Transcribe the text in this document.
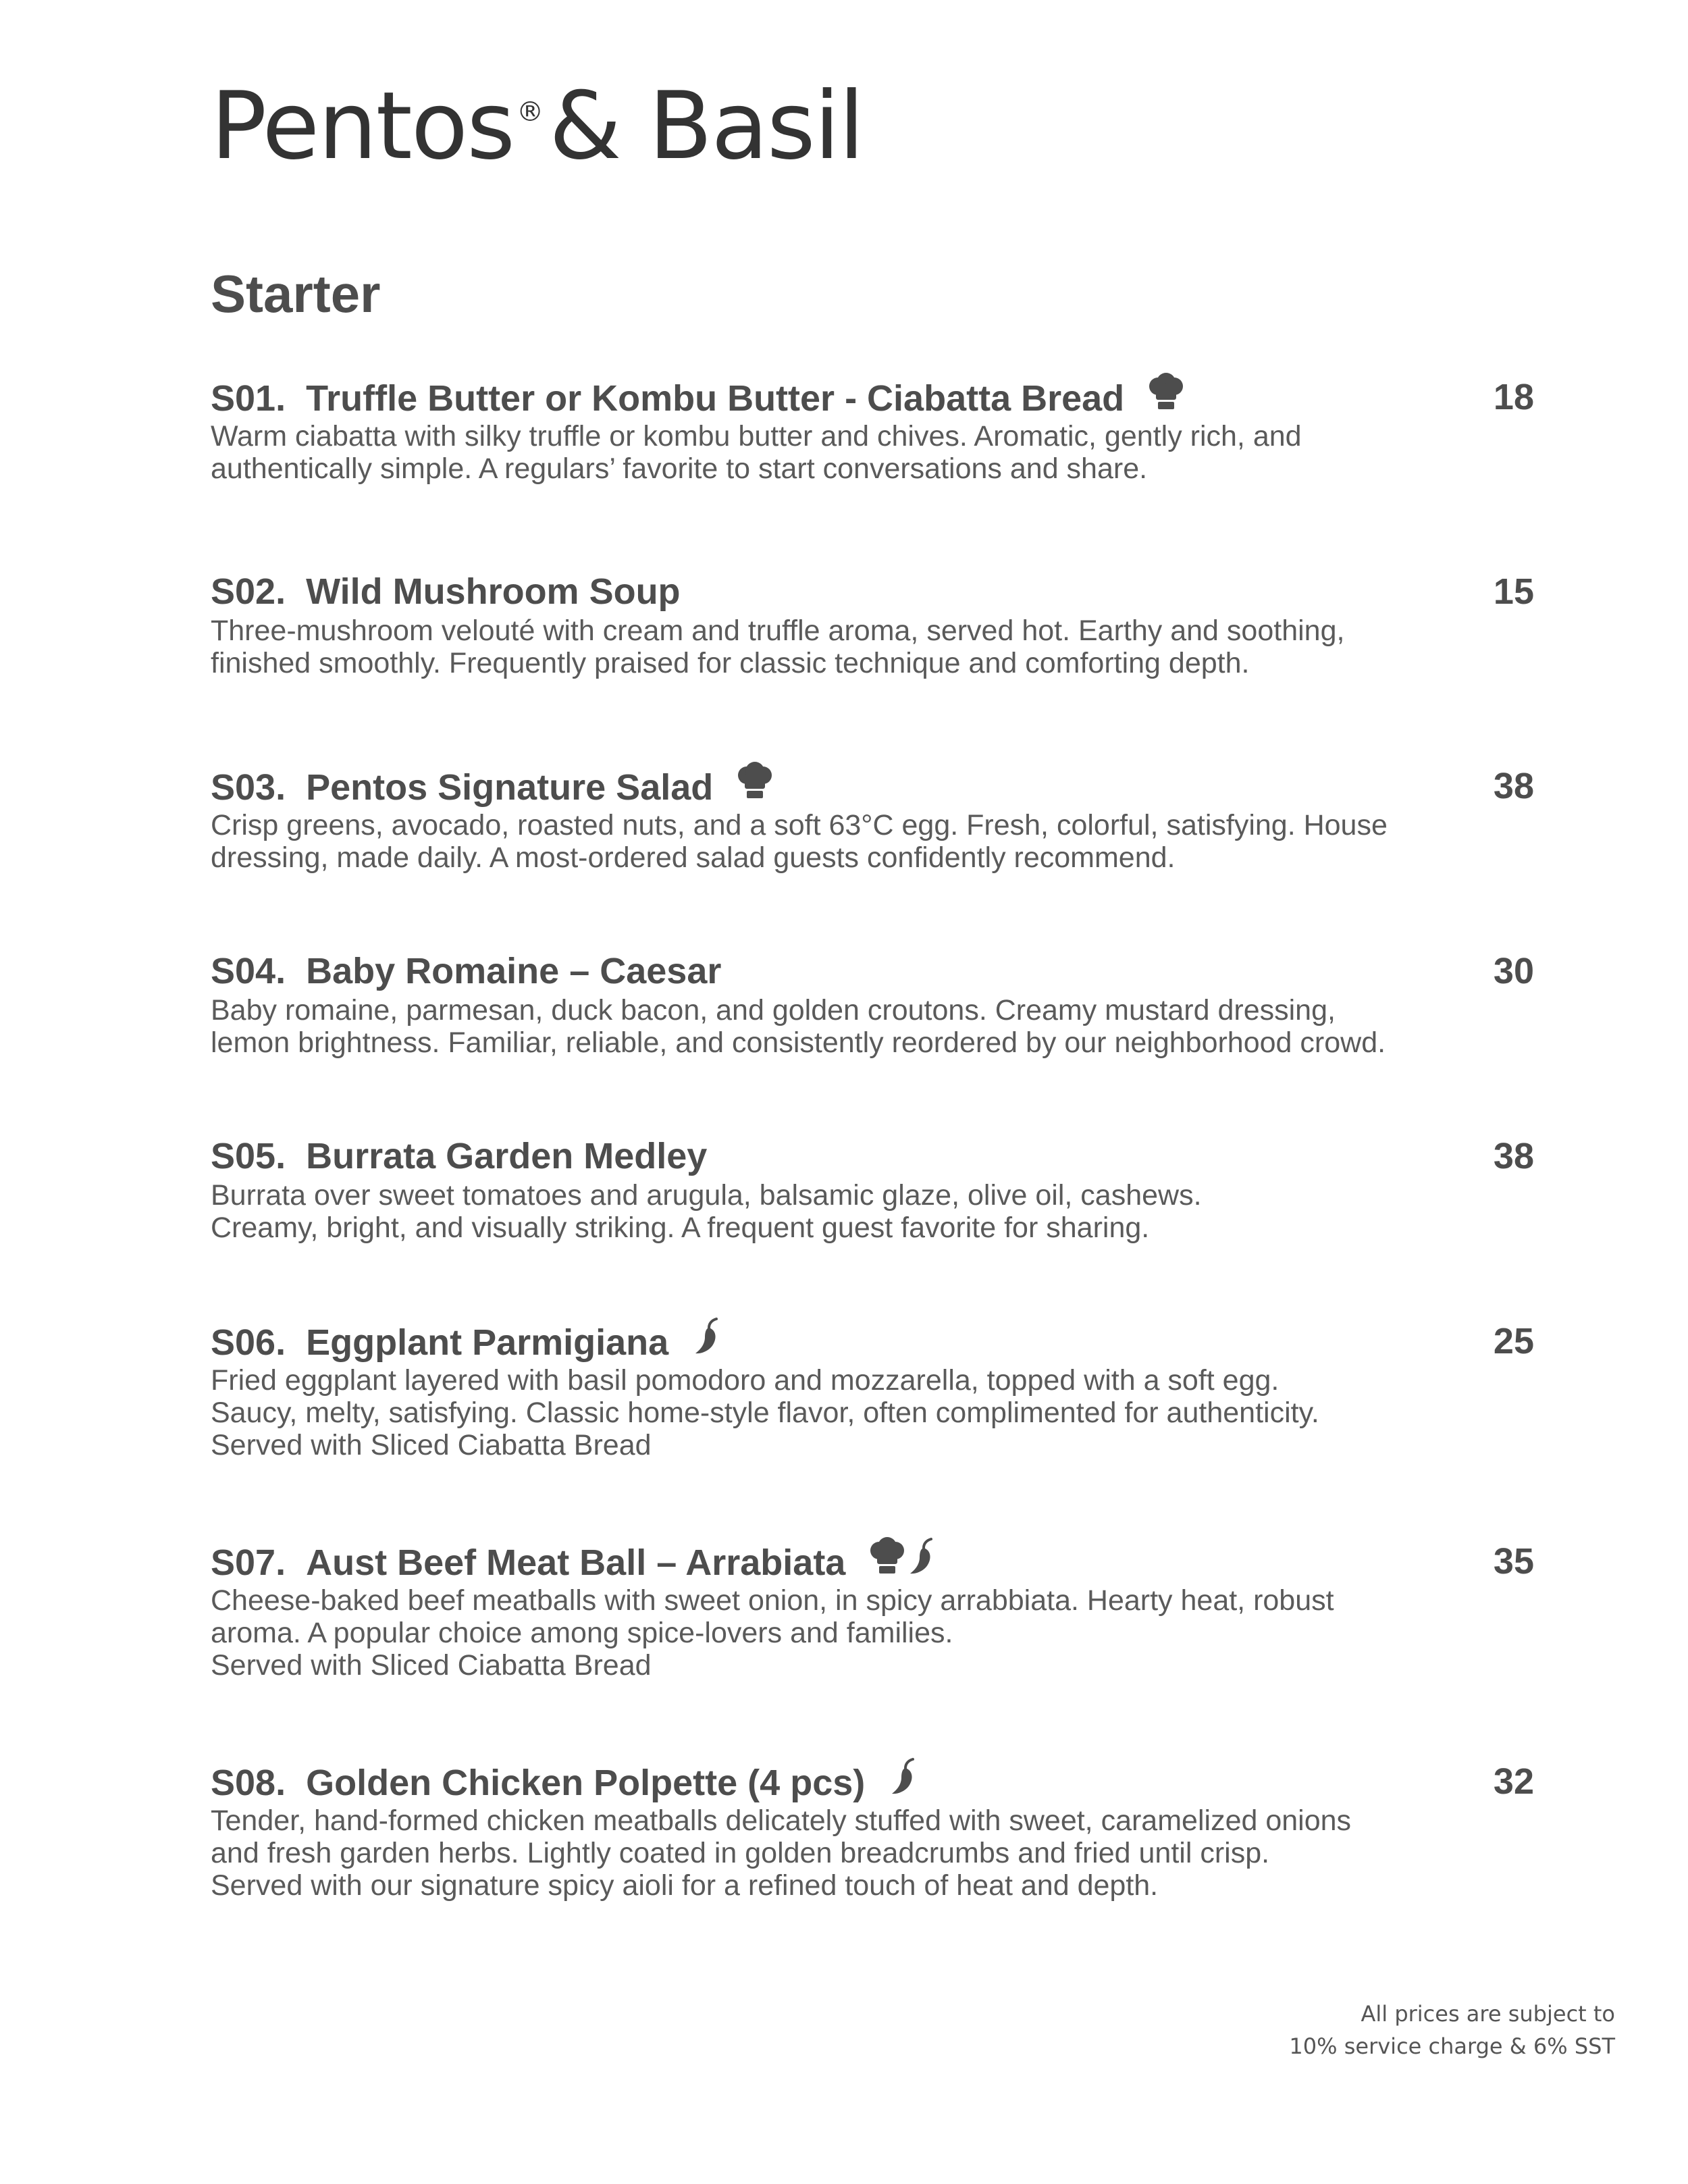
Pentos ®& Basil
Starter
S01. Truffle Butter or Kombu Butter - Ciabatta Bread	18
Warm ciabatta with silky truffle or kombu butter and chives. Aromatic, gently rich, and
authentically simple. A regulars’ favorite to start conversations and share.
S02. Wild Mushroom Soup	15
Three-mushroom velouté with cream and truffle aroma, served hot. Earthy and soothing,
finished smoothly. Frequently praised for classic technique and comforting depth.
S03. Pentos Signature Salad	38
Crisp greens, avocado, roasted nuts, and a soft 63°C egg. Fresh, colorful, satisfying. House
dressing, made daily. A most-ordered salad guests confidently recommend.
S04. Baby Romaine – Caesar	30
Baby romaine, parmesan, duck bacon, and golden croutons. Creamy mustard dressing,
lemon brightness. Familiar, reliable, and consistently reordered by our neighborhood crowd.
S05. Burrata Garden Medley	38
Burrata over sweet tomatoes and arugula, balsamic glaze, olive oil, cashews.
Creamy, bright, and visually striking. A frequent guest favorite for sharing.
S06. Eggplant Parmigiana	25
Fried eggplant layered with basil pomodoro and mozzarella, topped with a soft egg.
Saucy, melty, satisfying. Classic home-style flavor, often complimented for authenticity.
Served with Sliced Ciabatta Bread
S07. Aust Beef Meat Ball – Arrabiata	35
Cheese-baked beef meatballs with sweet onion, in spicy arrabbiata. Hearty heat, robust
aroma. A popular choice among spice-lovers and families.
Served with Sliced Ciabatta Bread
S08. Golden Chicken Polpette (4 pcs)	32
Tender, hand-formed chicken meatballs delicately stuffed with sweet, caramelized onions
and fresh garden herbs. Lightly coated in golden breadcrumbs and fried until crisp.
Served with our signature spicy aioli for a refined touch of heat and depth.
All prices are subject to
10% service charge & 6% SST
